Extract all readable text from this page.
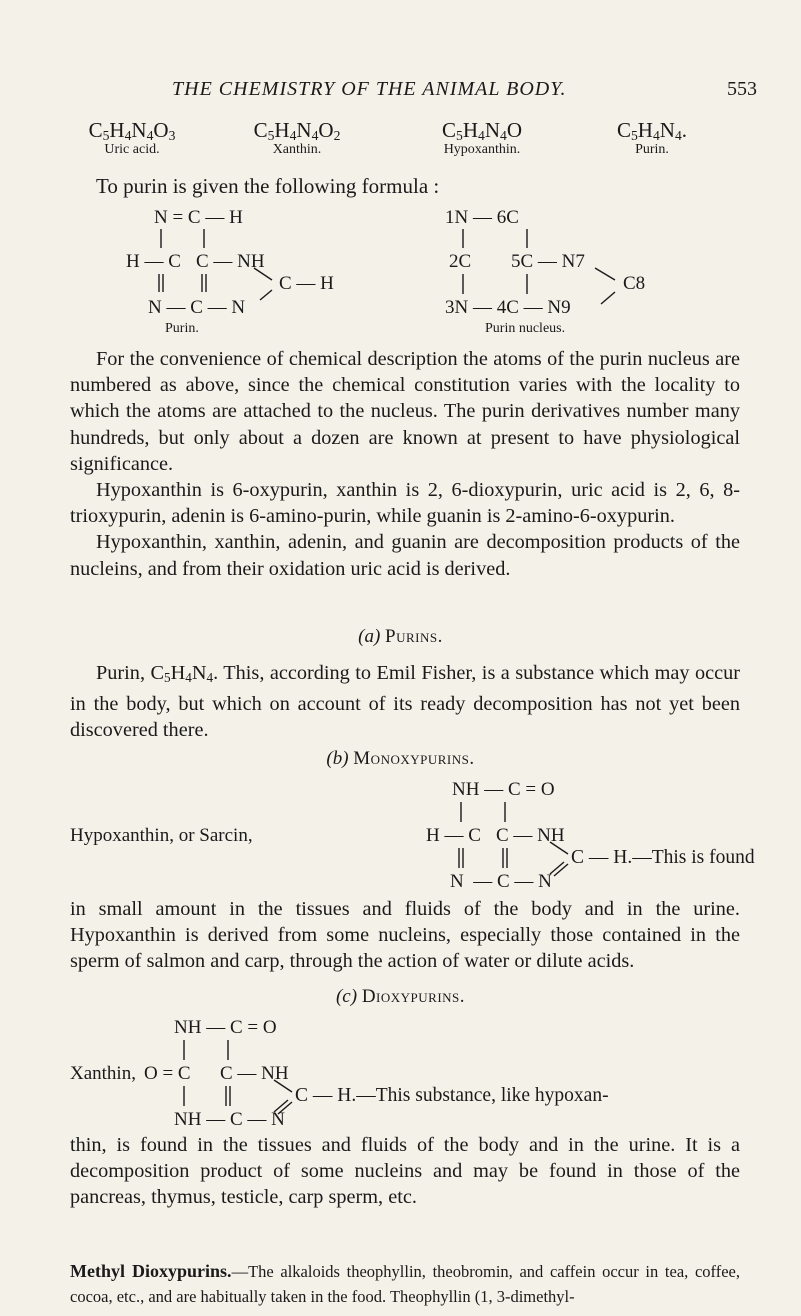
THE CHEMISTRY OF THE ANIMAL BODY.	553
$C_5H_4N_4O_3$
Uric acid.
$C_5H_4N_4O_2$
Xanthin.
$C_5H_4N_4O$
Hypoxanthin.
$C_5H_4N_4$.
Purin.
To purin is given the following formula :
N = C — H
H — C C — NH
C — H
N — C — N
Purin.
1N — 6C
2C 5C — N7
C8
3N — 4C — N9
Purin nucleus.

For the convenience of chemical description the atoms of the purin nucleus are numbered as above, since the chemical constitution varies with the locality to which the atoms are attached to the nucleus. The purin derivatives number many hundreds, but only about a dozen are known at present to have physiological significance.

Hypoxanthin is 6-oxypurin, xanthin is 2, 6-dioxypurin, uric acid is 2, 6, 8-trioxypurin, adenin is 6-amino-purin, while guanin is 2-amino-6-oxypurin.

Hypoxanthin, xanthin, adenin, and guanin are decomposition products of the nucleins, and from their oxidation uric acid is derived.

(a) Purins.

Purin, $C_5H_4N_4$. This, according to Emil Fisher, is a substance which may occur in the body, but which on account of its ready decomposition has not yet been discovered there.

(b) Monoxypurins.
NH — C = O
Hypoxanthin, or Sarcin,	H — C C — NH
C — H.—This is found
N  — C — N

in small amount in the tissues and fluids of the body and in the urine. Hypoxanthin is derived from some nucleins, especially those contained in the sperm of salmon and carp, through the action of water or dilute acids.

(c) Dioxypurins.
NH — C = O
Xanthin, O = C C — NH
C — H.—This substance, like hypoxan-
NH — C — N

thin, is found in the tissues and fluids of the body and in the urine. It is a decomposition product of some nucleins and may be found in those of the pancreas, thymus, testicle, carp sperm, etc.

Methyl Dioxypurins.—The alkaloids theophyllin, theobromin, and caffein occur in tea, coffee, cocoa, etc., and are habitually taken in the food. Theophyllin (1, 3-dimethyl-
